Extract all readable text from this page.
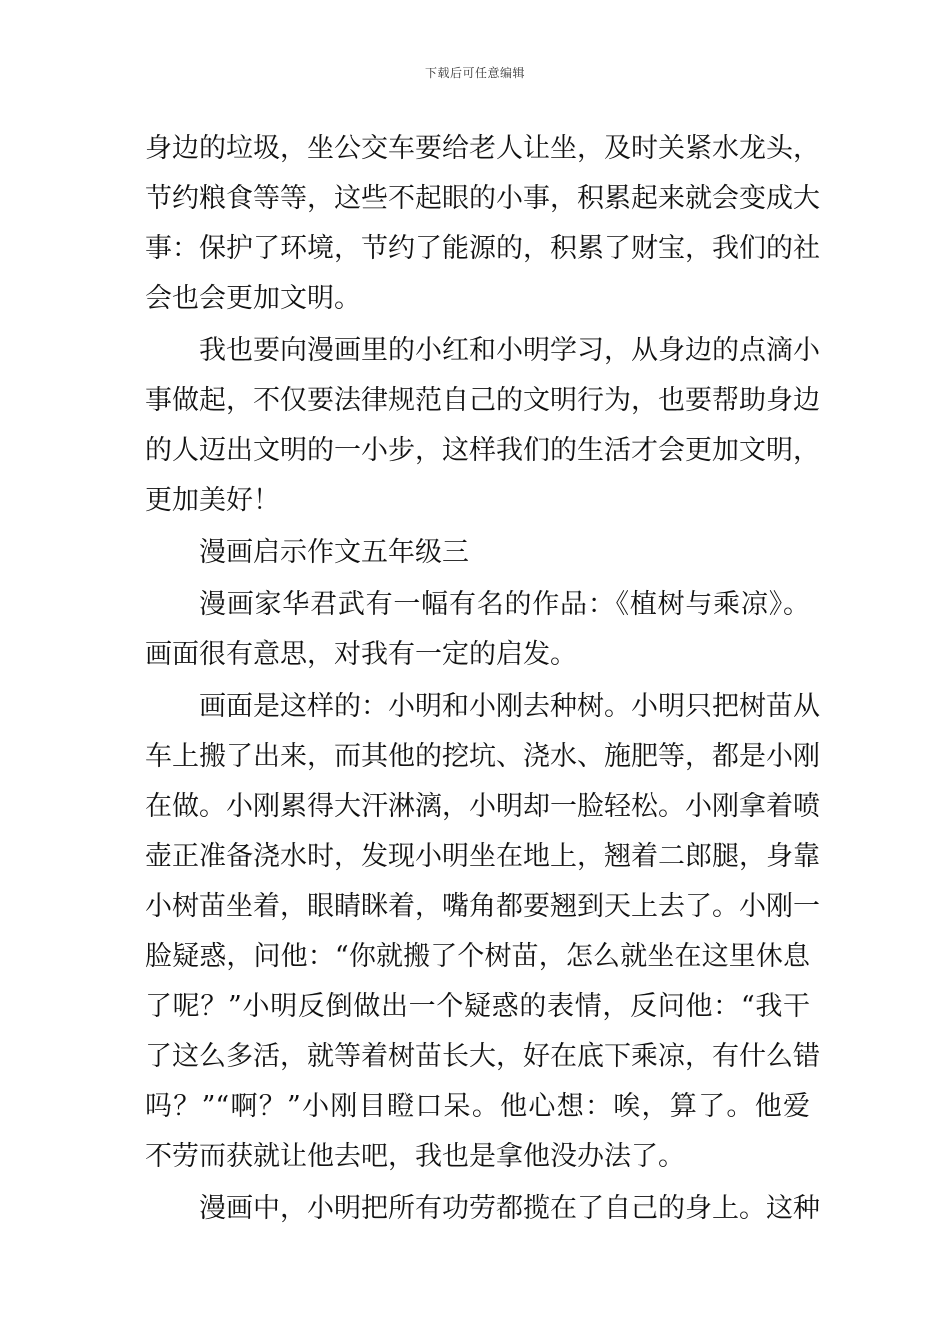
下载后可任意编辑
身边的垃圾，坐公交车要给老人让坐，及时关紧水龙头，
节约粮食等等，这些不起眼的小事，积累起来就会变成大
事：保护了环境，节约了能源的，积累了财宝，我们的社
会也会更加文明。
我也要向漫画里的小红和小明学习，从身边的点滴小
事做起，不仅要法律规范自己的文明行为，也要帮助身边
的人迈出文明的一小步，这样我们的生活才会更加文明，
更加美好！
漫画启示作文五年级三
漫画家华君武有一幅有名的作品：《植树与乘凉》。
画面很有意思，对我有一定的启发。
画面是这样的：小明和小刚去种树。小明只把树苗从
车上搬了出来，而其他的挖坑、浇水、施肥等，都是小刚
在做。小刚累得大汗淋漓，小明却一脸轻松。小刚拿着喷
壶正准备浇水时，发现小明坐在地上，翘着二郎腿，身靠
小树苗坐着，眼睛眯着，嘴角都要翘到天上去了。小刚一
脸疑惑，问他：“你就搬了个树苗，怎么就坐在这里休息
了呢？”小明反倒做出一个疑惑的表情，反问他：“我干
了这么多活，就等着树苗长大，好在底下乘凉，有什么错
吗？”“啊？”小刚目瞪口呆。他心想：唉，算了。他爱
不劳而获就让他去吧，我也是拿他没办法了。
漫画中，小明把所有功劳都揽在了自己的身上。这种
